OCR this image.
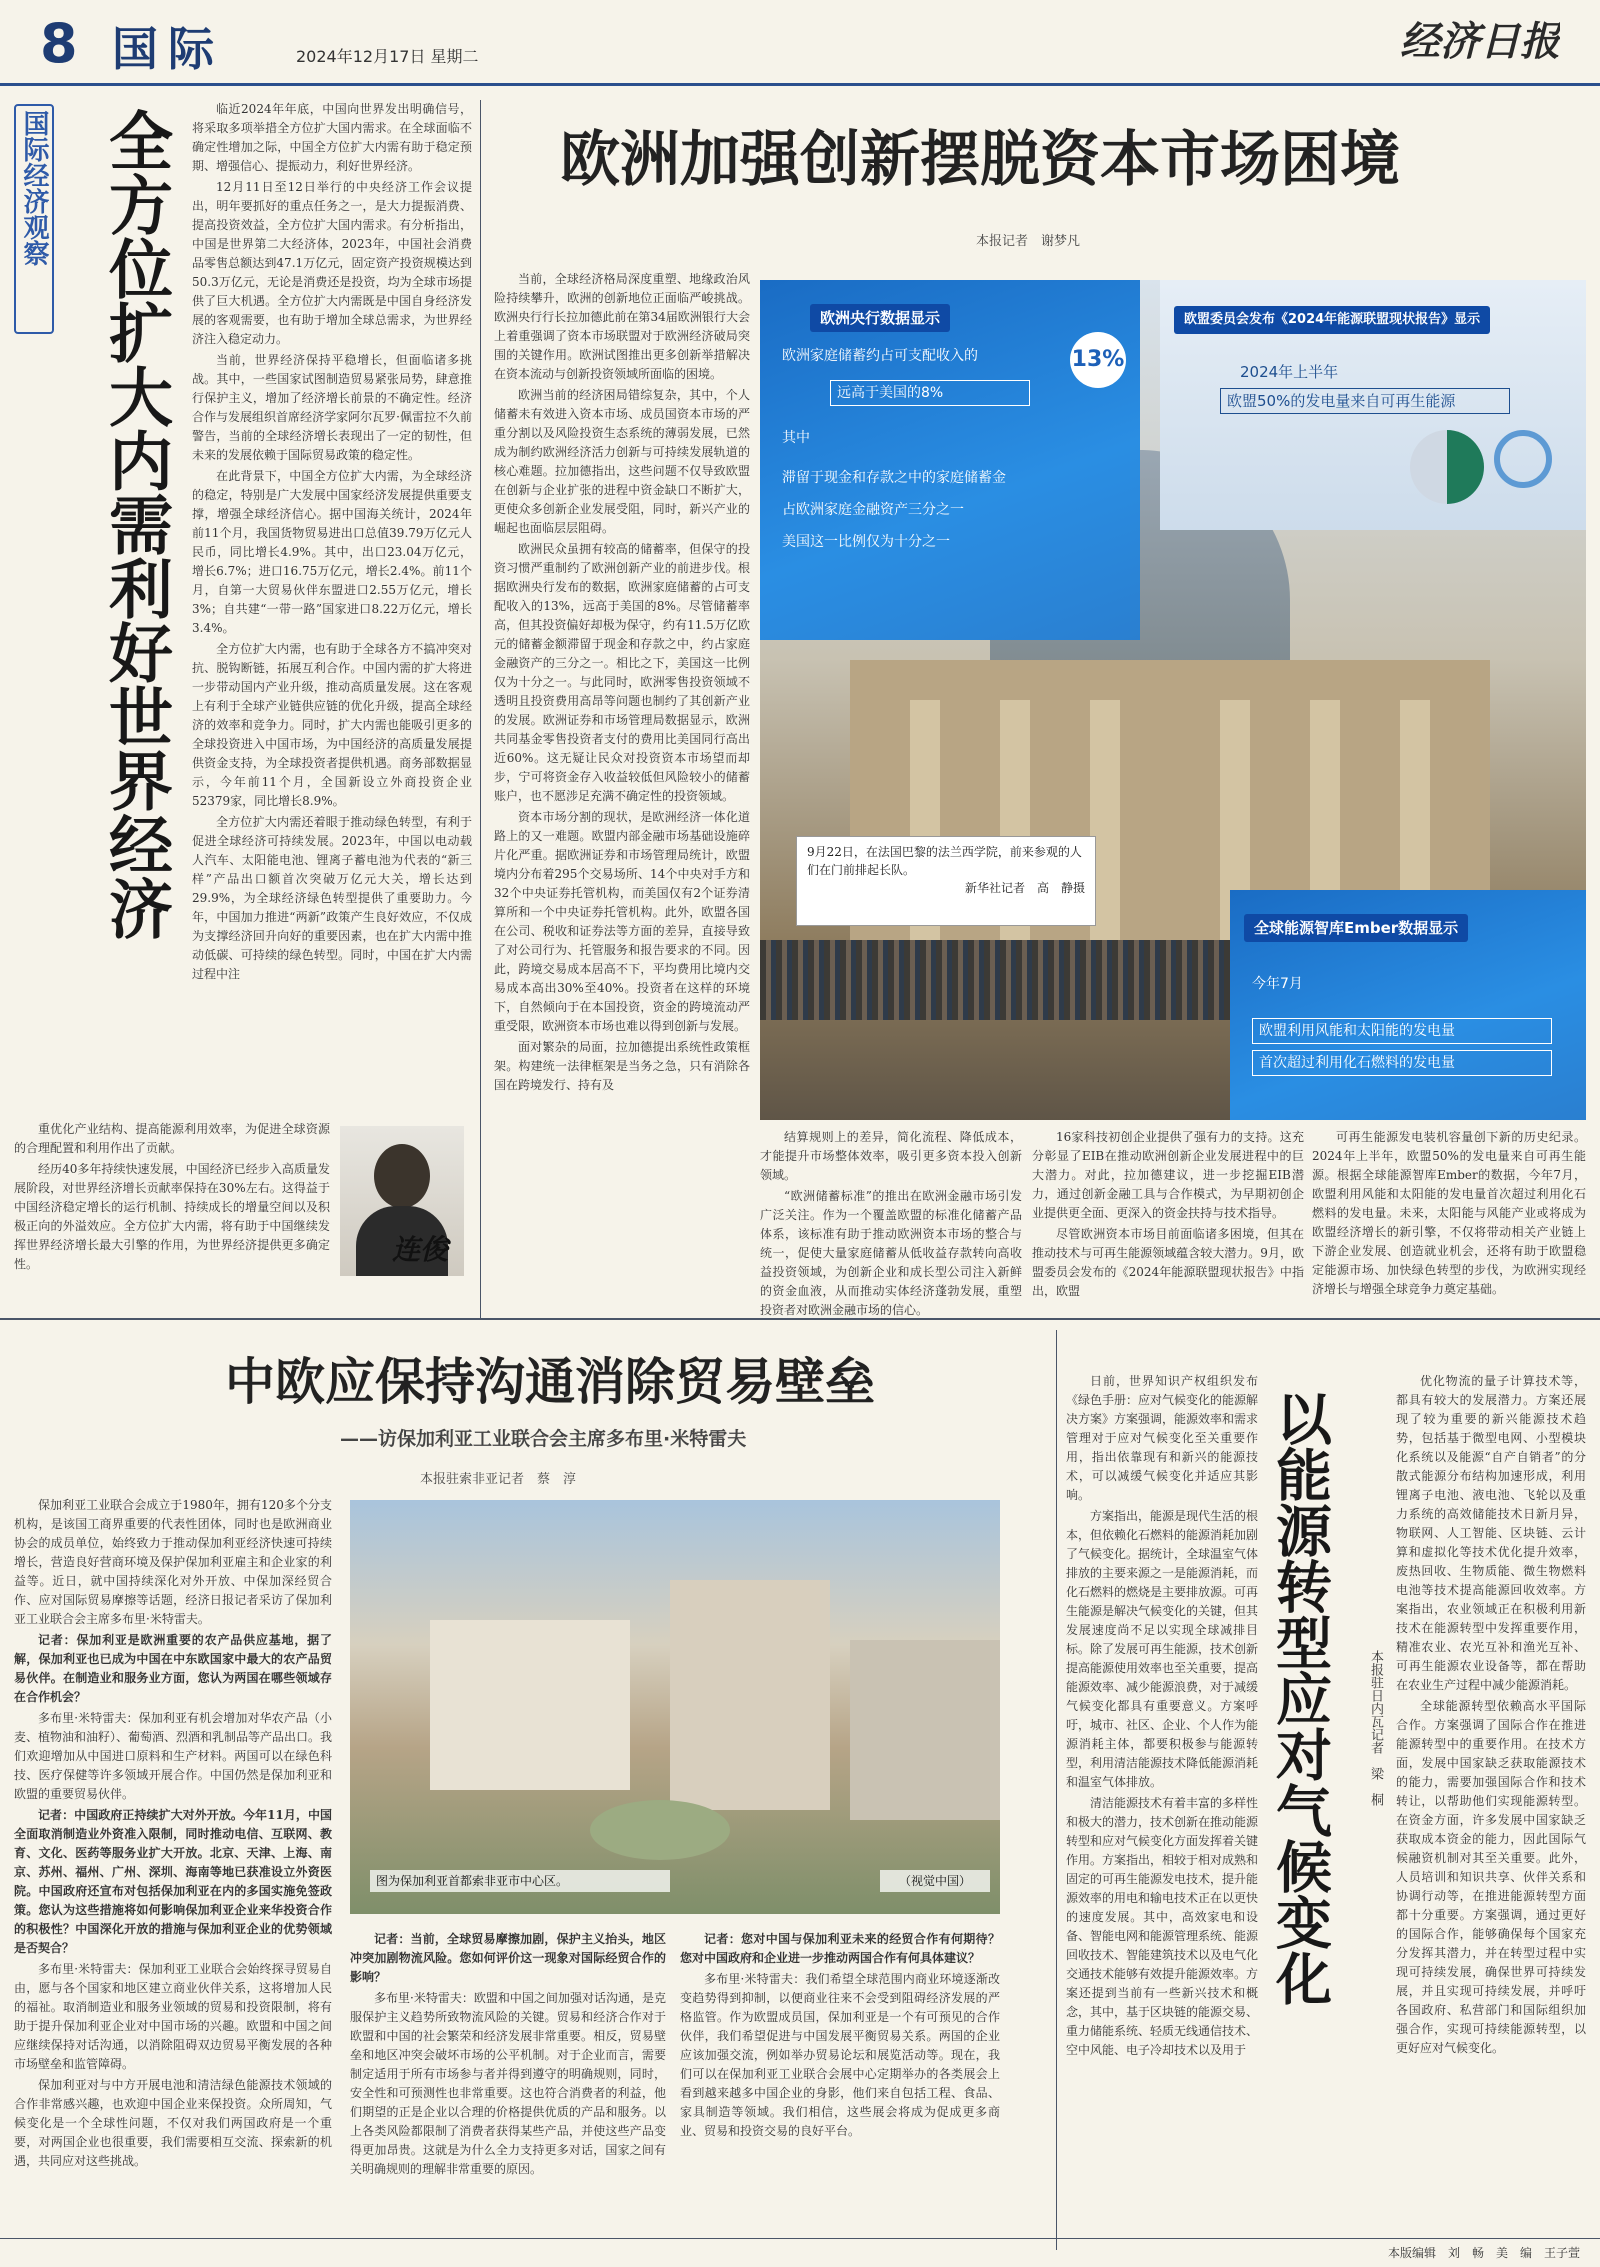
8 国际	2024年12月17日 星期二	经济日报
国际经济观察 全方位扩大内需利好世界经济	临近2024年年底，中国向世界发出明确信号，将采取多项举措全方位扩大国内需求。在全球面临不确定性增加之际，中国全方位扩大内需有助于稳定预期、增强信心、提振动力，利好世界经济。

12月11日至12日举行的中央经济工作会议提出，明年要抓好的重点任务之一，是大力提振消费、提高投资效益，全方位扩大国内需求。有分析指出，中国是世界第二大经济体，2023年，中国社会消费品零售总额达到47.1万亿元，固定资产投资规模达到50.3万亿元，无论是消费还是投资，均为全球市场提供了巨大机遇。全方位扩大内需既是中国自身经济发展的客观需要，也有助于增加全球总需求，为世界经济注入稳定动力。

当前，世界经济保持平稳增长，但面临诸多挑战。其中，一些国家试图制造贸易紧张局势，肆意推行保护主义，增加了经济增长前景的不确定性。经济合作与发展组织首席经济学家阿尔瓦罗·佩雷拉不久前警告，当前的全球经济增长表现出了一定的韧性，但未来的发展依赖于国际贸易政策的稳定性。

在此背景下，中国全方位扩大内需，为全球经济的稳定，特别是广大发展中国家经济发展提供重要支撑，增强全球经济信心。据中国海关统计，2024年前11个月，我国货物贸易进出口总值39.79万亿元人民币，同比增长4.9%。其中，出口23.04万亿元，增长6.7%；进口16.75万亿元，增长2.4%。前11个月，自第一大贸易伙伴东盟进口2.55万亿元，增长3%；自共建“一带一路”国家进口8.22万亿元，增长3.4%。

全方位扩大内需，也有助于全球各方不搞冲突对抗、脱钩断链，拓展互利合作。中国内需的扩大将进一步带动国内产业升级，推动高质量发展。这在客观上有利于全球产业链供应链的优化升级，提高全球经济的效率和竞争力。同时，扩大内需也能吸引更多的全球投资进入中国市场，为中国经济的高质量发展提供资金支持，为全球投资者提供机遇。商务部数据显示，今年前11个月，全国新设立外商投资企业52379家，同比增长8.9%。

全方位扩大内需还着眼于推动绿色转型，有利于促进全球经济可持续发展。2023年，中国以电动载人汽车、太阳能电池、锂离子蓄电池为代表的“新三样”产品出口额首次突破万亿元大关，增长达到29.9%，为全球经济绿色转型提供了重要助力。今年，中国加力推进“两新”政策产生良好效应，不仅成为支撑经济回升向好的重要因素，也在扩大内需中推动低碳、可持续的绿色转型。同时，中国在扩大内需过程中注

重优化产业结构、提高能源利用效率，为促进全球资源的合理配置和利用作出了贡献。

经历40多年持续快速发展，中国经济已经步入高质量发展阶段，对世界经济增长贡献率保持在30%左右。这得益于中国经济稳定增长的运行机制、持续成长的增量空间以及积极正向的外溢效应。全方位扩大内需，将有助于中国继续发挥世界经济增长最大引擎的作用，为世界经济提供更多确定性。	连俊
欧洲加强创新摆脱资本市场困境
本报记者　谢梦凡

当前，全球经济格局深度重塑、地缘政治风险持续攀升，欧洲的创新地位正面临严峻挑战。欧洲央行行长拉加德此前在第34届欧洲银行大会上着重强调了资本市场联盟对于欧洲经济破局突围的关键作用。欧洲试图推出更多创新举措解决在资本流动与创新投资领域所面临的困境。

欧洲当前的经济困局错综复杂，其中，个人储蓄未有效进入资本市场、成员国资本市场的严重分割以及风险投资生态系统的薄弱发展，已然成为制约欧洲经济活力创新与可持续发展轨道的核心难题。拉加德指出，这些问题不仅导致欧盟在创新与企业扩张的进程中资金缺口不断扩大，更使众多创新企业发展受阻，同时，新兴产业的崛起也面临层层阻碍。

欧洲民众虽拥有较高的储蓄率，但保守的投资习惯严重制约了欧洲创新产业的前进步伐。根据欧洲央行发布的数据，欧洲家庭储蓄的占可支配收入的13%，远高于美国的8%。尽管储蓄率高，但其投资偏好却极为保守，约有11.5万亿欧元的储蓄金额滞留于现金和存款之中，约占家庭金融资产的三分之一。相比之下，美国这一比例仅为十分之一。与此同时，欧洲零售投资领域不透明且投资费用高昂等问题也制约了其创新产业的发展。欧洲证券和市场管理局数据显示，欧洲共同基金零售投资者支付的费用比美国同行高出近60%。这无疑让民众对投资资本市场望而却步，宁可将资金存入收益较低但风险较小的储蓄账户，也不愿涉足充满不确定性的投资领域。

资本市场分割的现状，是欧洲经济一体化道路上的又一难题。欧盟内部金融市场基础设施碎片化严重。据欧洲证券和市场管理局统计，欧盟境内分布着295个交易场所、14个中央对手方和32个中央证券托管机构，而美国仅有2个证券清算所和一个中央证券托管机构。此外，欧盟各国在公司、税收和证券法等方面的差异，直接导致了对公司行为、托管服务和报告要求的不同。因此，跨境交易成本居高不下，平均费用比境内交易成本高出30%至40%。投资者在这样的环境下，自然倾向于在本国投资，资金的跨境流动严重受限，欧洲资本市场也难以得到创新与发展。

面对繁杂的局面，拉加德提出系统性政策框架。构建统一法律框架是当务之急，只有消除各国在跨境发行、持有及

欧洲央行数据显示
欧洲家庭储蓄约占可支配收入的	13%
远高于美国的8%
其中
滞留于现金和存款之中的家庭储蓄金
占欧洲家庭金融资产三分之一
美国这一比例仅为十分之一
欧盟委员会发布《2024年能源联盟现状报告》显示
2024年上半年
欧盟50%的发电量来自可再生能源
全球能源智库Ember数据显示
今年7月
欧盟利用风能和太阳能的发电量
首次超过利用化石燃料的发电量
9月22日，在法国巴黎的法兰西学院，前来参观的人们在门前排起长队。
新华社记者　高　静摄

结算规则上的差异，简化流程、降低成本，才能提升市场整体效率，吸引更多资本投入创新领域。

“欧洲储蓄标准”的推出在欧洲金融市场引发广泛关注。作为一个覆盖欧盟的标准化储蓄产品体系，该标准有助于推动欧洲资本市场的整合与统一，促使大量家庭储蓄从低收益存款转向高收益投资领域，为创新企业和成长型公司注入新鲜的资金血液，从而推动实体经济蓬勃发展，重塑投资者对欧洲金融市场的信心。

16家科技初创企业提供了强有力的支持。这充分彰显了EIB在推动欧洲创新企业发展进程中的巨大潜力。对此，拉加德建议，进一步挖掘EIB潜力，通过创新金融工具与合作模式，为早期初创企业提供更全面、更深入的资金扶持与技术指导。

尽管欧洲资本市场目前面临诸多困境，但其在推动技术与可再生能源领域蕴含较大潜力。9月，欧盟委员会发布的《2024年能源联盟现状报告》中指出，欧盟

可再生能源发电装机容量创下新的历史纪录。2024年上半年，欧盟50%的发电量来自可再生能源。根据全球能源智库Ember的数据，今年7月，欧盟利用风能和太阳能的发电量首次超过利用化石燃料的发电量。未来，太阳能与风能产业或将成为欧盟经济增长的新引擎，不仅将带动相关产业链上下游企业发展、创造就业机会，还将有助于欧盟稳定能源市场、加快绿色转型的步伐，为欧洲实现经济增长与增强全球竞争力奠定基础。

中欧应保持沟通消除贸易壁垒
——访保加利亚工业联合会主席多布里·米特雷夫
本报驻索非亚记者　蔡　淳

保加利亚工业联合会成立于1980年，拥有120多个分支机构，是该国工商界重要的代表性团体，同时也是欧洲商业协会的成员单位，始终致力于推动保加利亚经济快速可持续增长，营造良好营商环境及保护保加利亚雇主和企业家的利益等。近日，就中国持续深化对外开放、中保加深经贸合作、应对国际贸易摩擦等话题，经济日报记者采访了保加利亚工业联合会主席多布里·米特雷夫。

记者：保加利亚是欧洲重要的农产品供应基地，据了解，保加利亚也已成为中国在中东欧国家中最大的农产品贸易伙伴。在制造业和服务业方面，您认为两国在哪些领域存在合作机会？

多布里·米特雷夫：保加利亚有机会增加对华农产品（小麦、植物油和油籽）、葡萄酒、烈酒和乳制品等产品出口。我们欢迎增加从中国进口原料和生产材料。两国可以在绿色科技、医疗保健等许多领域开展合作。中国仍然是保加利亚和欧盟的重要贸易伙伴。

记者：中国政府正持续扩大对外开放。今年11月，中国全面取消制造业外资准入限制，同时推动电信、互联网、教育、文化、医药等服务业扩大开放。北京、天津、上海、南京、苏州、福州、广州、深圳、海南等地已获准设立外资医院。中国政府还宣布对包括保加利亚在内的多国实施免签政策。您认为这些措施将如何影响保加利亚企业来华投资合作的积极性？中国深化开放的措施与保加利亚企业的优势领域是否契合？

多布里·米特雷夫：保加利亚工业联合会始终探寻贸易自由，愿与各个国家和地区建立商业伙伴关系，这将增加人民的福祉。取消制造业和服务业领域的贸易和投资限制，将有助于提升保加利亚企业对中国市场的兴趣。欧盟和中国之间应继续保持对话沟通，以消除阻碍双边贸易平衡发展的各种市场壁垒和监管障碍。

保加利亚对与中方开展电池和清洁绿色能源技术领域的合作非常感兴趣，也欢迎中国企业来保投资。众所周知，气候变化是一个全球性问题，不仅对我们两国政府是一个重要，对两国企业也很重要，我们需要相互交流、探索新的机遇，共同应对这些挑战。

图为保加利亚首都索非亚市中心区。	（视觉中国）

记者：当前，全球贸易摩擦加剧，保护主义抬头，地区冲突加剧物流风险。您如何评价这一现象对国际经贸合作的影响？

多布里·米特雷夫：欧盟和中国之间加强对话沟通，是克服保护主义趋势所致物流风险的关键。贸易和经济合作对于欧盟和中国的社会繁荣和经济发展非常重要。相反，贸易壁垒和地区冲突会破坏市场的公平机制。对于企业而言，需要制定适用于所有市场参与者并得到遵守的明确规则，同时，安全性和可预测性也非常重要。这也符合消费者的利益，他们期望的正是企业以合理的价格提供优质的产品和服务。以上各类风险都限制了消费者获得某些产品，并使这些产品变得更加昂贵。这就是为什么全力支持更多对话，国家之间有关明确规则的理解非常重要的原因。

记者：您对中国与保加利亚未来的经贸合作有何期待？您对中国政府和企业进一步推动两国合作有何具体建议？

多布里·米特雷夫：我们希望全球范围内商业环境逐渐改变趋势得到抑制，以便商业往来不会受到阻碍经济发展的严格监管。作为欧盟成员国，保加利亚是一个有可预见的合作伙伴，我们希望促进与中国发展平衡贸易关系。两国的企业应该加强交流，例如举办贸易论坛和展览活动等。现在，我们可以在保加利亚工业联合会展中心定期举办的各类展会上看到越来越多中国企业的身影，他们来自包括工程、食品、家具制造等领域。我们相信，这些展会将成为促成更多商业、贸易和投资交易的良好平台。

日前，世界知识产权组织发布《绿色手册：应对气候变化的能源解决方案》方案强调，能源效率和需求管理对于应对气候变化至关重要作用，指出依靠现有和新兴的能源技术，可以减缓气候变化并适应其影响。

方案指出，能源是现代生活的根本，但依赖化石燃料的能源消耗加剧了气候变化。据统计，全球温室气体排放的主要来源之一是能源消耗，而化石燃料的燃烧是主要排放源。可再生能源是解决气候变化的关键，但其发展速度尚不足以实现全球减排目标。除了发展可再生能源，技术创新提高能源使用效率也至关重要，提高能源效率、减少能源浪费，对于减缓气候变化都具有重要意义。方案呼吁，城市、社区、企业、个人作为能源消耗主体，都要积极参与能源转型，利用清洁能源技术降低能源消耗和温室气体排放。

清洁能源技术有着丰富的多样性和极大的潜力，技术创新在推动能源转型和应对气候变化方面发挥着关键作用。方案指出，相较于相对成熟和固定的可再生能源发电技术，提升能源效率的用电和输电技术正在以更快的速度发展。其中，高效家电和设备、智能电网和能源管理系统、能源回收技术、智能建筑技术以及电气化交通技术能够有效提升能源效率。方案还提到当前有一些新兴技术和概念，其中，基于区块链的能源交易、重力储能系统、轻质无线通信技术、空中风能、电子冷却技术以及用于

以能源转型应对气候变化	本报驻日内瓦记者　梁　桐

优化物流的量子计算技术等，都具有较大的发展潜力。方案还展现了较为重要的新兴能源技术趋势，包括基于微型电网、小型模块化系统以及能源“自产自销者”的分散式能源分布结构加速形成，利用锂离子电池、液电池、飞轮以及重力系统的高效储能技术日新月异，物联网、人工智能、区块链、云计算和虚拟化等技术优化提升效率，废热回收、生物质能、微生物燃料电池等技术提高能源回收效率。方案指出，农业领域正在积极利用新技术在能源转型中发挥重要作用，精准农业、农光互补和渔光互补、可再生能源农业设备等，都在帮助在农业生产过程中减少能源消耗。

全球能源转型依赖高水平国际合作。方案强调了国际合作在推进能源转型中的重要作用。在技术方面，发展中国家缺乏获取能源技术的能力，需要加强国际合作和技术转让，以帮助他们实现能源转型。在资金方面，许多发展中国家缺乏获取成本资金的能力，因此国际气候融资机制对其至关重要。此外，人员培训和知识共享、伙伴关系和协调行动等，在推进能源转型方面都十分重要。方案强调，通过更好的国际合作，能够确保每个国家充分发挥其潜力，并在转型过程中实现可持续发展，确保世界可持续发展，并且实现可持续发展，并呼吁各国政府、私营部门和国际组织加强合作，实现可持续能源转型，以更好应对气候变化。

本版编辑　刘　畅　美　编　王子萱
